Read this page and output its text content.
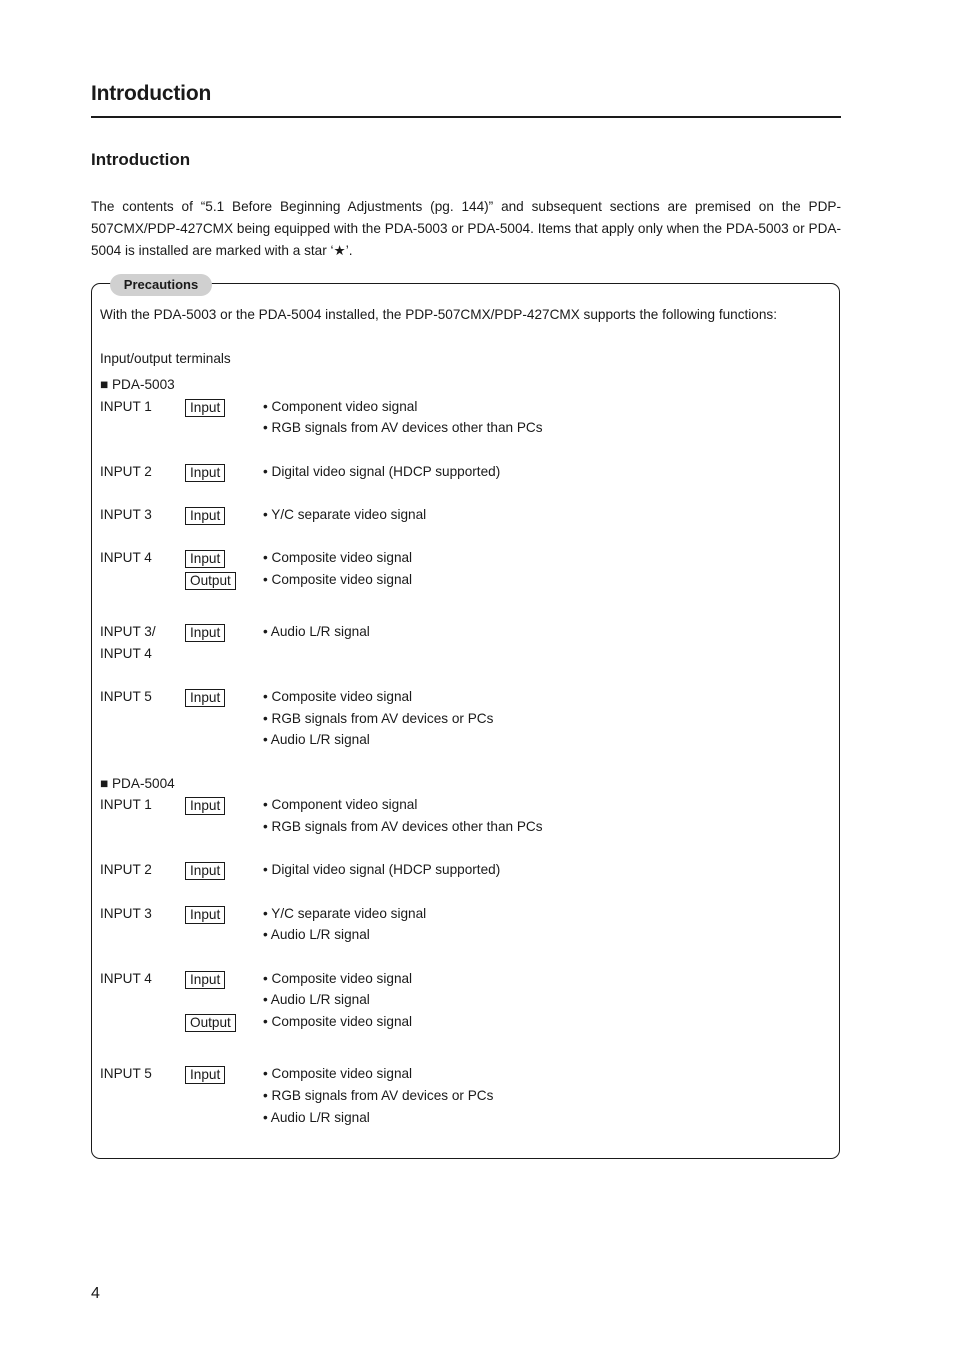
Introduction
Introduction
The contents of “5.1 Before Beginning Adjustments (pg. 144)” and subsequent sections are premised on the PDP-507CMX/PDP-427CMX being equipped with the PDA-5003 or PDA-5004. Items that apply only when the PDA-5003 or PDA-5004 is installed are marked with a star ‘★’.
Precautions
With the PDA-5003 or the PDA-5004 installed, the PDP-507CMX/PDP-427CMX supports the following functions:
Input/output terminals
■ PDA-5003
INPUT 1	Input	• Component video signal
• RGB signals from AV devices other than PCs
INPUT 2	Input	• Digital video signal (HDCP supported)
INPUT 3	Input	• Y/C separate video signal
INPUT 4	Input	• Composite video signal
Output	• Composite video signal
INPUT 3/
INPUT 4
Input	• Audio L/R signal
INPUT 5	Input	• Composite video signal
• RGB signals from AV devices or PCs
• Audio L/R signal
■ PDA-5004
INPUT 1	Input	• Component video signal
• RGB signals from AV devices other than PCs
INPUT 2	Input	• Digital video signal (HDCP supported)
INPUT 3	Input	• Y/C separate video signal
• Audio L/R signal
INPUT 4	Input	• Composite video signal
• Audio L/R signal
Output	• Composite video signal
INPUT 5	Input	• Composite video signal
• RGB signals from AV devices or PCs
• Audio L/R signal
4
